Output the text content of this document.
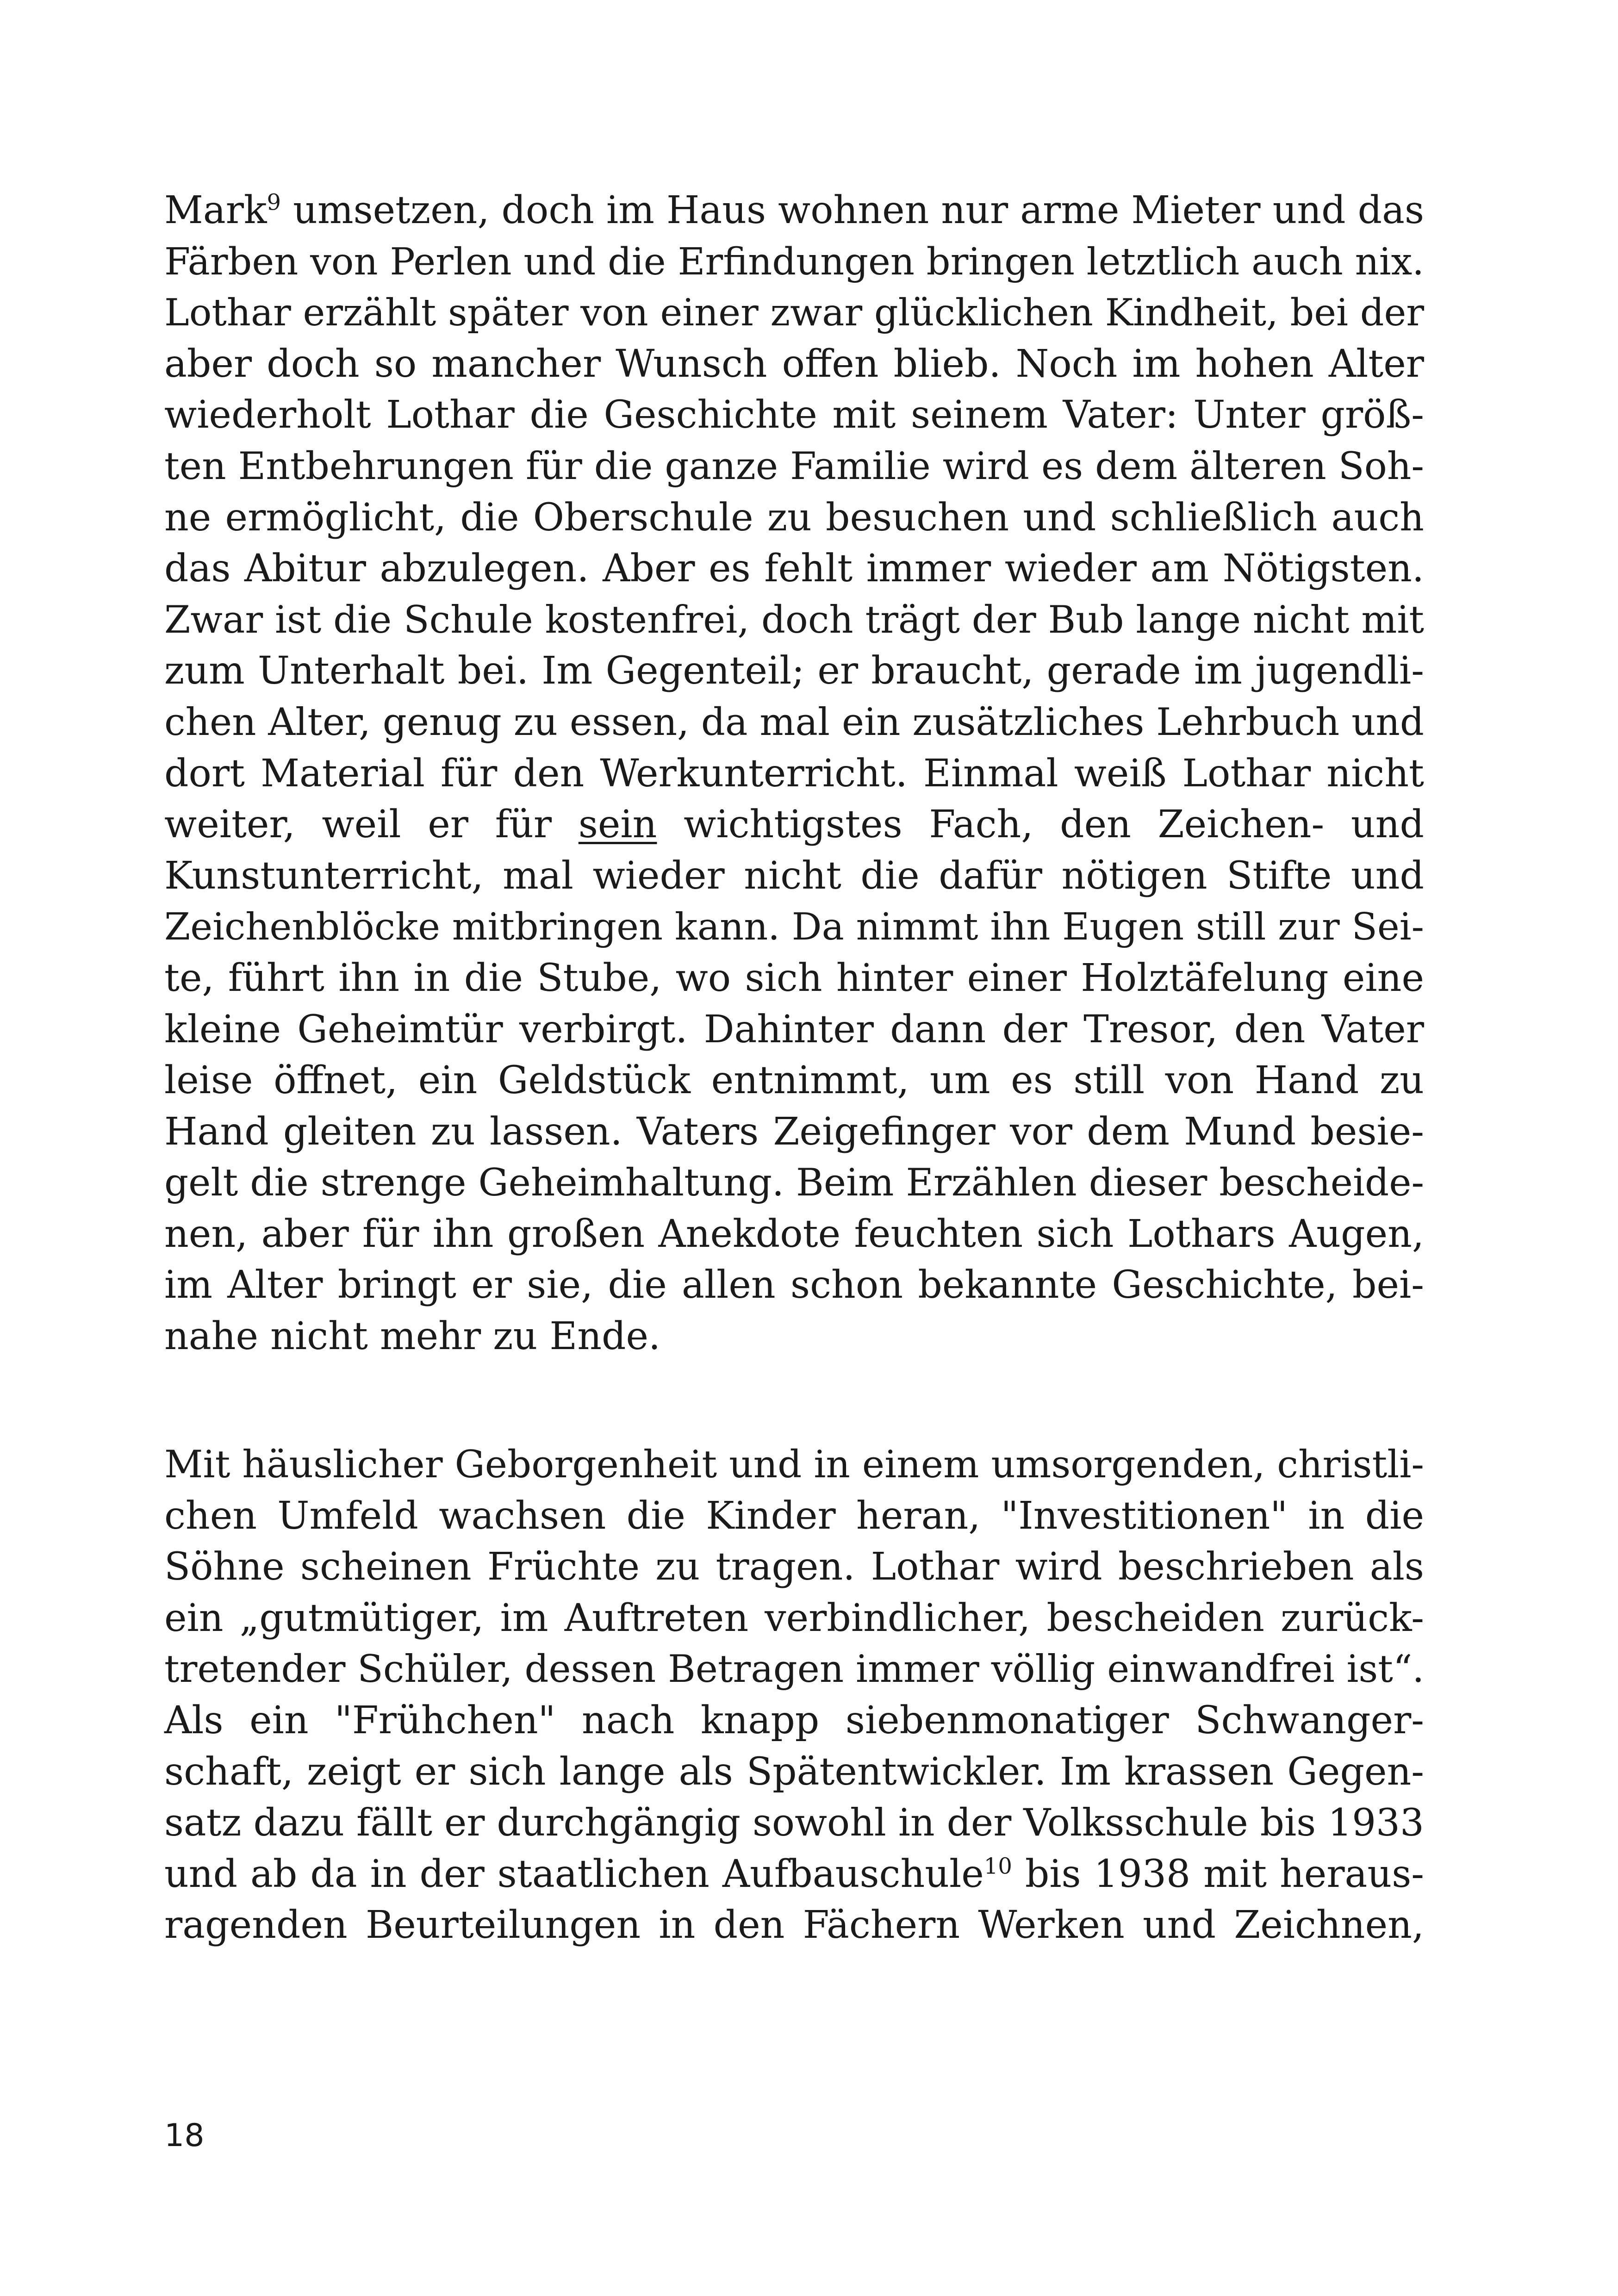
Mark$^9$ umsetzen, doch im Haus wohnen nur arme Mieter und das
Färben von Perlen und die Erfindungen bringen letztlich auch nix.
Lothar erzählt später von einer zwar glücklichen Kindheit, bei der
aber doch so mancher Wunsch offen blieb. Noch im hohen Alter
wiederholt Lothar die Geschichte mit seinem Vater: Unter größ-
ten Entbehrungen für die ganze Familie wird es dem älteren Soh-
ne ermöglicht, die Oberschule zu besuchen und schließlich auch
das Abitur abzulegen. Aber es fehlt immer wieder am Nötigsten.
Zwar ist die Schule kostenfrei, doch trägt der Bub lange nicht mit
zum Unterhalt bei. Im Gegenteil; er braucht, gerade im jugendli-
chen Alter, genug zu essen, da mal ein zusätzliches Lehrbuch und
dort Material für den Werkunterricht. Einmal weiß Lothar nicht
weiter, weil er für sein wichtigstes Fach, den Zeichen- und
Kunstunterricht, mal wieder nicht die dafür nötigen Stifte und
Zeichenblöcke mitbringen kann. Da nimmt ihn Eugen still zur Sei-
te, führt ihn in die Stube, wo sich hinter einer Holztäfelung eine
kleine Geheimtür verbirgt. Dahinter dann der Tresor, den Vater
leise öffnet, ein Geldstück entnimmt, um es still von Hand zu
Hand gleiten zu lassen. Vaters Zeigefinger vor dem Mund besie-
gelt die strenge Geheimhaltung. Beim Erzählen dieser bescheide-
nen, aber für ihn großen Anekdote feuchten sich Lothars Augen,
im Alter bringt er sie, die allen schon bekannte Geschichte, bei-
nahe nicht mehr zu Ende.
Mit häuslicher Geborgenheit und in einem umsorgenden, christli-
chen Umfeld wachsen die Kinder heran, "Investitionen" in die
Söhne scheinen Früchte zu tragen. Lothar wird beschrieben als
ein „gutmütiger, im Auftreten verbindlicher, bescheiden zurück-
tretender Schüler, dessen Betragen immer völlig einwandfrei ist“.
Als ein "Frühchen" nach knapp siebenmonatiger Schwanger-
schaft, zeigt er sich lange als Spätentwickler. Im krassen Gegen-
satz dazu fällt er durchgängig sowohl in der Volksschule bis 1933
und ab da in der staatlichen Aufbauschule$^{10}$ bis 1938 mit heraus-
ragenden Beurteilungen in den Fächern Werken und Zeichnen,
18
